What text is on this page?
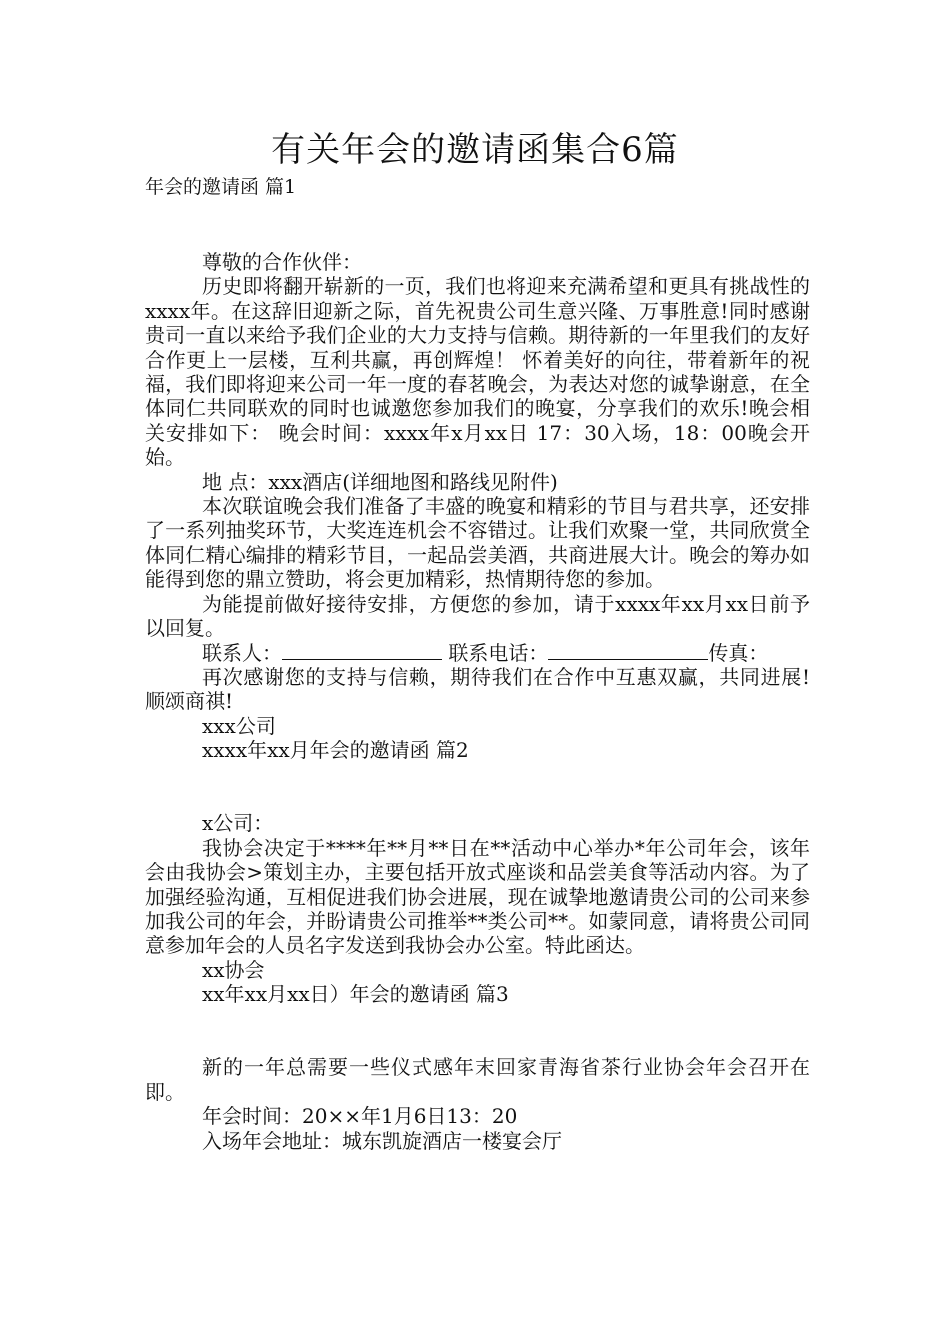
有关年会的邀请函集合6篇
年会的邀请函 篇1

尊敬的合作伙伴：

历史即将翻开崭新的一页，我们也将迎来充满希望和更具有挑战性的xxxx年。在这辞旧迎新之际，首先祝贵公司生意兴隆、万事胜意!同时感谢贵司一直以来给予我们企业的大力支持与信赖。期待新的一年里我们的友好合作更上一层楼，互利共赢，再创辉煌！ 怀着美好的向往，带着新年的祝福，我们即将迎来公司一年一度的春茗晚会，为表达对您的诚挚谢意，在全体同仁共同联欢的同时也诚邀您参加我们的晚宴，分享我们的欢乐!晚会相关安排如下： 晚会时间：xxxx年x月xx日 17：30入场，18：00晚会开始。

地 点：xxx酒店(详细地图和路线见附件)

本次联谊晚会我们准备了丰盛的晚宴和精彩的节目与君共享，还安排了一系列抽奖环节，大奖连连机会不容错过。让我们欢聚一堂，共同欣赏全体同仁精心编排的精彩节目，一起品尝美酒，共商进展大计。晚会的筹办如能得到您的鼎立赞助，将会更加精彩，热情期待您的参加。

为能提前做好接待安排，方便您的参加，请于xxxx年xx月xx日前予以回复。

联系人：	联系电话：	传真：

再次感谢您的支持与信赖，期待我们在合作中互惠双赢，共同进展! 顺颂商祺!

xxx公司

xxxx年xx月年会的邀请函 篇2

x公司：

我协会决定于****年**月**日在**活动中心举办*年公司年会，该年会由我协会>策划主办，主要包括开放式座谈和品尝美食等活动内容。为了加强经验沟通，互相促进我们协会进展，现在诚挚地邀请贵公司的公司来参加我公司的年会，并盼请贵公司推举**类公司**。如蒙同意，请将贵公司同意参加年会的人员名字发送到我协会办公室。特此函达。

xx协会

xx年xx月xx日）年会的邀请函 篇3

新的一年总需要一些仪式感年末回家青海省茶行业协会年会召开在即。

年会时间：20××年1月6日13：20

入场年会地址：城东凯旋酒店一楼宴会厅
